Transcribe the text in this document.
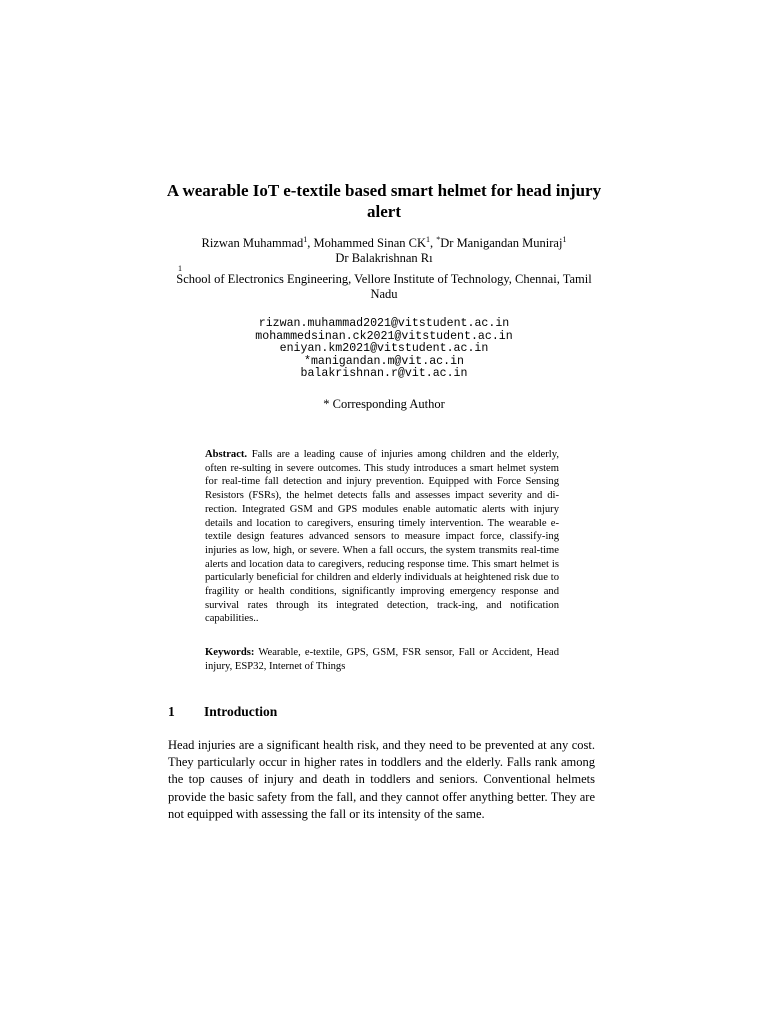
A wearable IoT e-textile based smart helmet for head injury alert
Rizwan Muhammad$^1$, Mohammed Sinan $CK^1$, *Dr Manigandan Muniraj$^1$
Dr Balakrishnan Rı
1
School of Electronics Engineering, Vellore Institute of Technology, Chennai, Tamil Nadu
rizwan.muhammad2021@vitstudent.ac.in
mohammedsinan.ck2021@vitstudent.ac.in
eniyan.km2021@vitstudent.ac.in
*manigandan.m@vit.ac.in
balakrishnan.r@vit.ac.in
* Corresponding Author
Abstract. Falls are a leading cause of injuries among children and the elderly, often re-sulting in severe outcomes. This study introduces a smart helmet system for real-time fall detection and injury prevention. Equipped with Force Sensing Resistors (FSRs), the helmet detects falls and assesses impact severity and di-rection. Integrated GSM and GPS modules enable automatic alerts with injury details and location to caregivers, ensuring timely intervention. The wearable e-textile design features advanced sensors to measure impact force, classify-ing injuries as low, high, or severe. When a fall occurs, the system transmits real-time alerts and location data to caregivers, reducing response time. This smart helmet is particularly beneficial for children and elderly individuals at heightened risk due to fragility or health conditions, significantly improving emergency response and survival rates through its integrated detection, track-ing, and notification capabilities..
Keywords: Wearable, e-textile, GPS, GSM, FSR sensor, Fall or Accident, Head injury, ESP32, Internet of Things
1 Introduction
Head injuries are a significant health risk, and they need to be prevented at any cost. They particularly occur in higher rates in toddlers and the elderly. Falls rank among the top causes of injury and death in toddlers and seniors. Conventional helmets provide the basic safety from the fall, and they cannot offer anything better. They are not equipped with assessing the fall or its intensity of the same.
